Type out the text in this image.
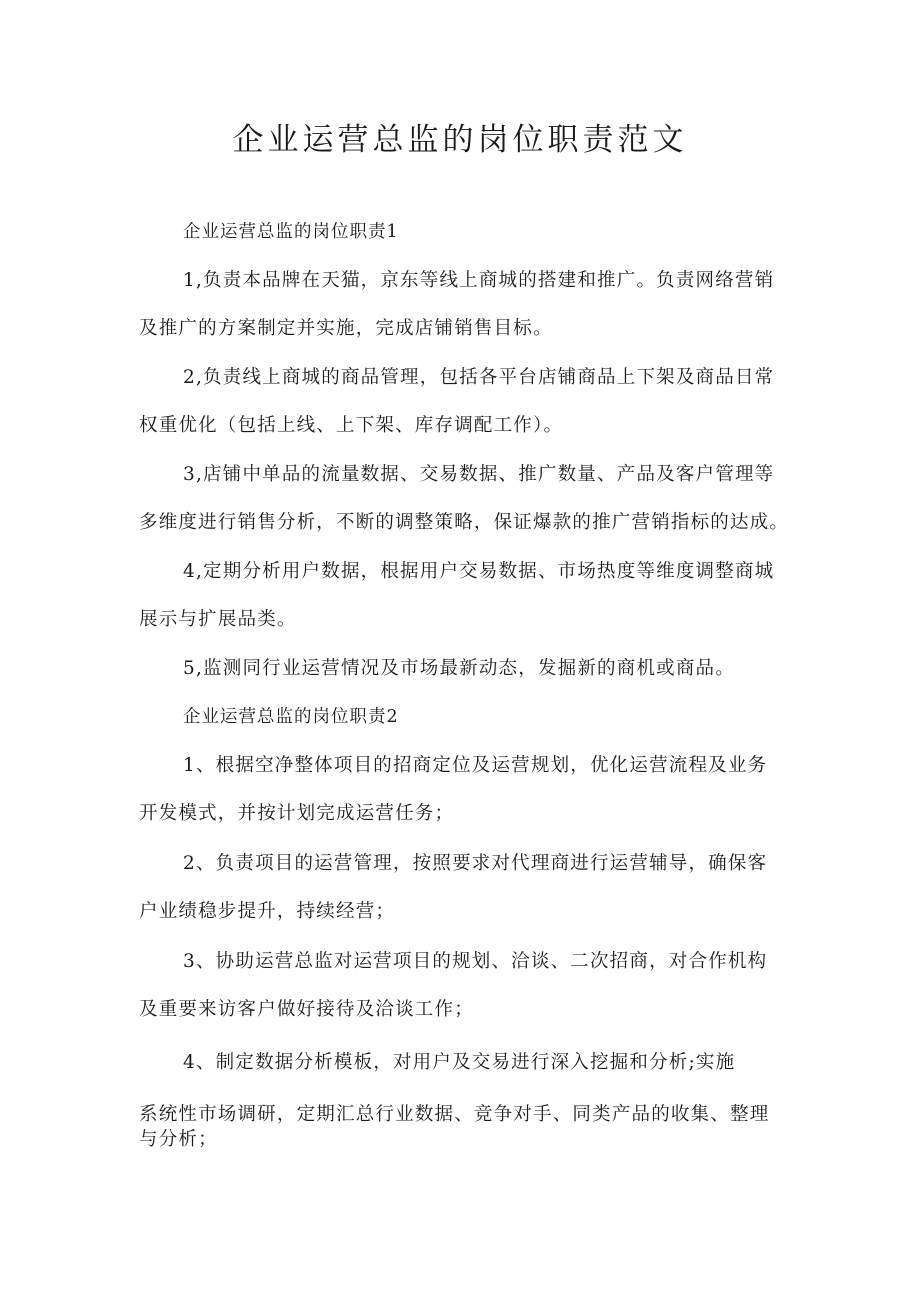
企业运营总监的岗位职责范文
企业运营总监的岗位职责1
1,负责本品牌在天猫，京东等线上商城的搭建和推广。负责网络营销
及推广的方案制定并实施，完成店铺销售目标。
2,负责线上商城的商品管理，包括各平台店铺商品上下架及商品日常
权重优化（包括上线、上下架、库存调配工作）。
3,店铺中单品的流量数据、交易数据、推广数量、产品及客户管理等
多维度进行销售分析，不断的调整策略，保证爆款的推广营销指标的达成。
4,定期分析用户数据，根据用户交易数据、市场热度等维度调整商城
展示与扩展品类。
5,监测同行业运营情况及市场最新动态，发掘新的商机或商品。
企业运营总监的岗位职责2
1、根据空净整体项目的招商定位及运营规划，优化运营流程及业务
开发模式，并按计划完成运营任务；
2、负责项目的运营管理，按照要求对代理商进行运营辅导，确保客
户业绩稳步提升，持续经营；
3、协助运营总监对运营项目的规划、洽谈、二次招商，对合作机构
及重要来访客户做好接待及洽谈工作；
4、制定数据分析模板，对用户及交易进行深入挖掘和分析;实施
系统性市场调研，定期汇总行业数据、竞争对手、同类产品的收集、整理
与分析；
